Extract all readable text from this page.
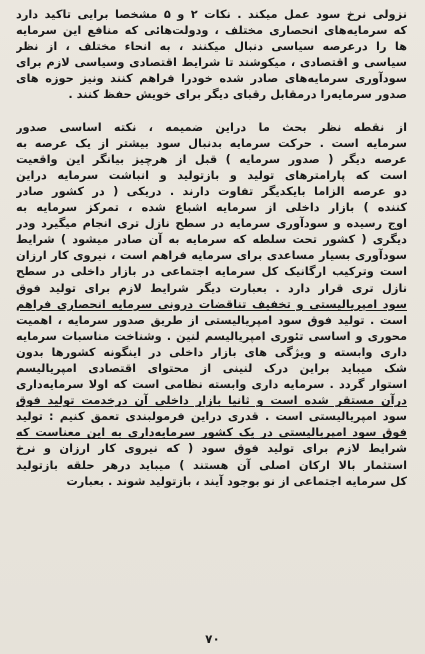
نزولی نرخ سود عمل میکند . نکات ۲ و ۵ مشخصا برایی تاکید دارد
که سرمایه‌های انحصاری مختلف ، ودولت‌هائی که منافع این سرمایه
ها را درعرصه سیاسی دنبال میکنند ، به انحاء مختلف ، از نظر
سیاسی و اقتصادی ، میکوشند تا شرایط اقتصادی وسیاسی لازم برای
سودآوری سرمایه‌های صادر شده خودرا فراهم کنند ونیز حوزه‌ های
صدور سرمایه‌را درمقابل رقبای دیگر برای خویش حفظ کنند .
از نقطه نظر بحث ما دراین ضمیمه ، نکته اساسی صدور
سرمایه است . حرکت سرمایه بدنبال سود بیشتر از یک عرصه به
عرصه دیگر ( صدور سرمایه ) قبل از هرچیز بیانگر این واقعیت
است که پارامترهای تولید و بازتولید و انباشت سرمایه دراین
دو عرصه الزاما بایکدیگر تفاوت دارند . دریکی ( در کشور صادر
کننده ) بازار داخلی از سرمایه اشباع شده ، تمرکز سرمایه به
اوج رسیده و سودآوری سرمایه در سطح نازل تری انجام میگیرد ودر
دیگری ( کشور تحت سلطه که سرمایه به آن صادر میشود ) شرایط
سودآوری بسیار مساعدی برای سرمایه فراهم است ، نیروی کار ارزان
است وترکیب ارگانیک کل سرمایه اجتماعی در بازار داخلی در سطح
نازل تری قرار دارد . بعبارت دیگر شرایط لازم برای تولید فوق
سود امپریالیستی و تخفیف تناقضات درونی سرمایه انحصاری فراهم
است . تولید فوق سود امپریالیستی از طریق صدور سرمایه ، اهمیت
محوری و اساسی تئوری امپریالیسم لنین . وشناخت مناسبات سرمایه
داری وابسته و ویژگی های بازار داخلی در اینگونه کشورها بدون
شک میباید براین درک لنینی از محتوای اقتصادی امپریالیسم
استوار گردد . سرمایه داری وابسته نظامی است که اولا سرمایه‌داری
درآن مستقر شده است و ثانیا بازار داخلی آن درخدمت تولید فوق
سود امپریالیستی است . قدری دراین فرمولبندی تعمق کنیم : تولید
فوق سود امپریالیستی در یک کشور سرمایه‌داری به این معناست که
شرایط لازم برای تولید فوق سود ( که نیروی کار ارزان و نرخ
استثمار بالا ارکان اصلی آن هستند ) میباید درهر حلقه بازتولید
کل سرمایه اجتماعی از نو بوجود آیند ، بازتولید شوند . بعبارت
۷۰
